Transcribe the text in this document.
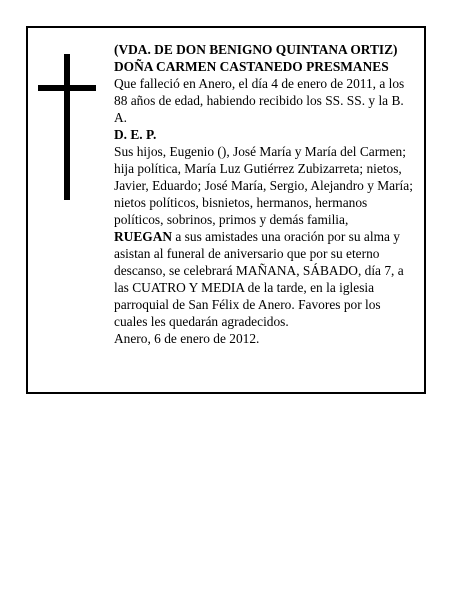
(VDA. DE DON BENIGNO QUINTANA ORTIZ)

DOÑA CARMEN CASTANEDO PRESMANES

Que falleció en Anero, el día 4 de enero de 2011, a los 88 años de edad, habiendo recibido los SS. SS. y la B. A.

D. E. P.

Sus hijos, Eugenio (), José María y María del Carmen; hija política, María Luz Gutiérrez Zubizarreta; nietos, Javier, Eduardo; José María, Sergio, Alejandro y María; nietos políticos, bisnietos, hermanos, hermanos políticos, sobrinos, primos y demás familia,

RUEGAN a sus amistades una oración por su alma y asistan al funeral de aniversario que por su eterno descanso, se celebrará MAÑANA, SÁBADO, día 7, a las CUATRO Y MEDIA de la tarde, en la iglesia parroquial de San Félix de Anero. Favores por los cuales les quedarán agradecidos.

Anero, 6 de enero de 2012.
